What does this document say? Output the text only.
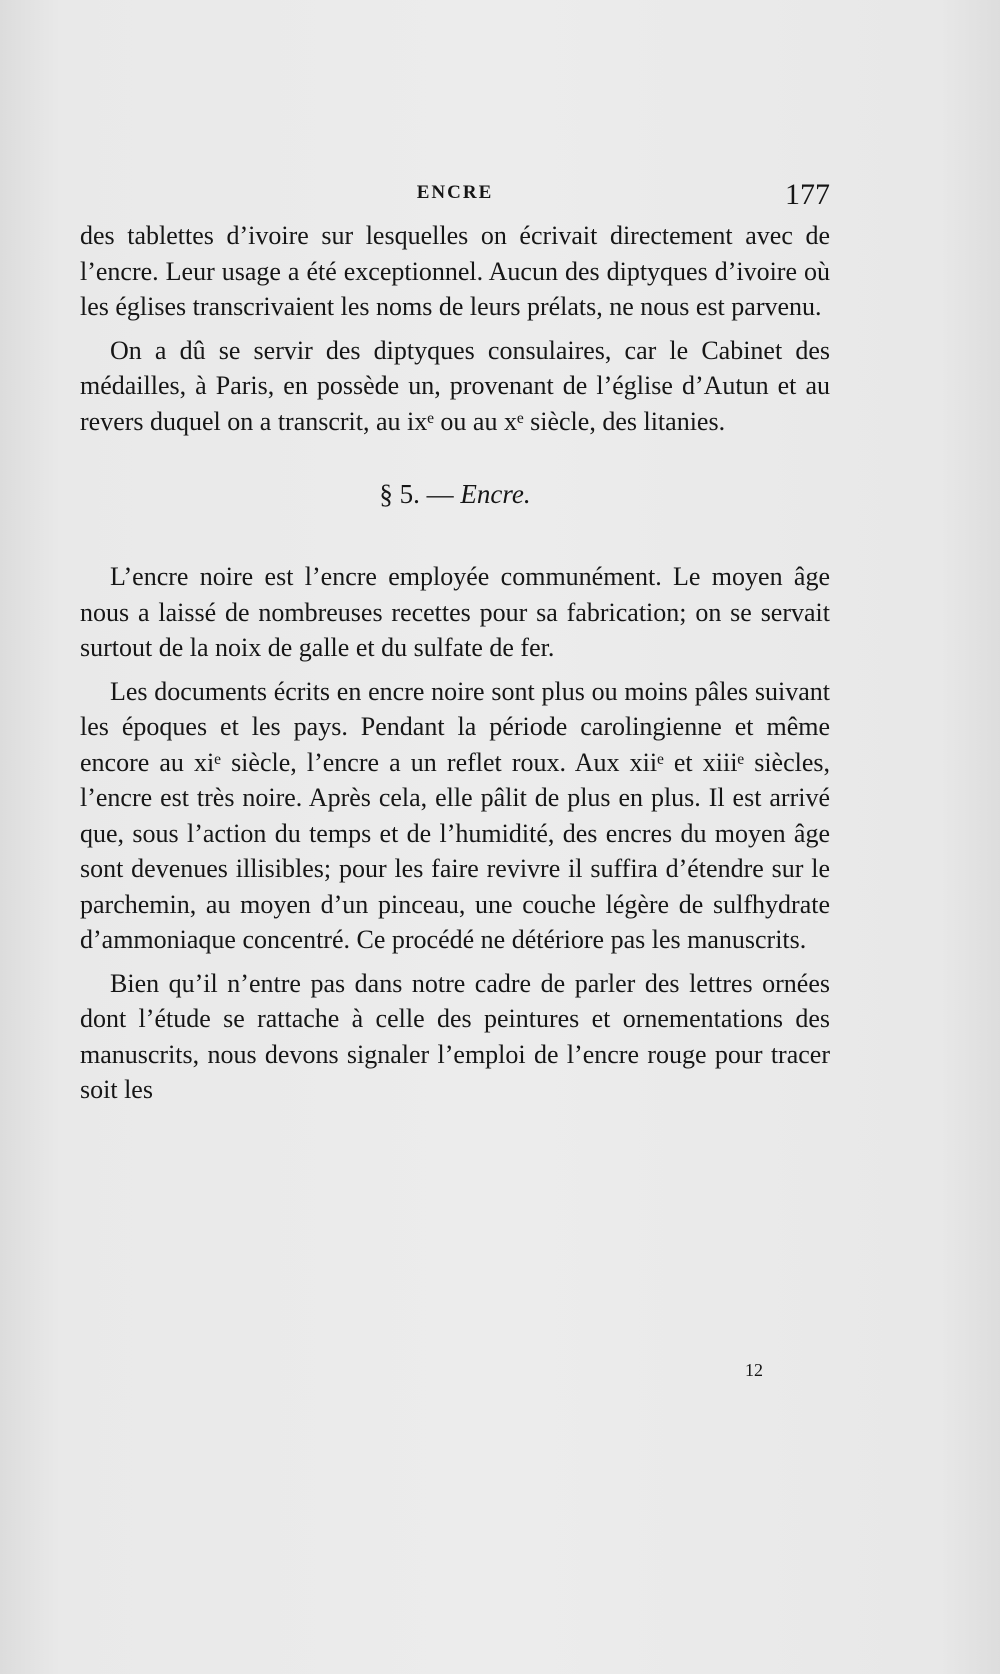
ENCRE	177

des tablettes d’ivoire sur lesquelles on écrivait directement avec de l’encre. Leur usage a été exceptionnel. Aucun des diptyques d’ivoire où les églises transcrivaient les noms de leurs prélats, ne nous est parvenu.

On a dû se servir des diptyques consulaires, car le Cabinet des médailles, à Paris, en possède un, provenant de l’église d’Autun et au revers duquel on a transcrit, au ixᵉ ou au xᵉ siècle, des litanies.

§ 5. — Encre.

L’encre noire est l’encre employée communément. Le moyen âge nous a laissé de nombreuses recettes pour sa fabrication; on se servait surtout de la noix de galle et du sulfate de fer.

Les documents écrits en encre noire sont plus ou moins pâles suivant les époques et les pays. Pendant la période carolingienne et même encore au xiᵉ siècle, l’encre a un reflet roux. Aux xiiᵉ et xiiiᵉ siècles, l’encre est très noire. Après cela, elle pâlit de plus en plus. Il est arrivé que, sous l’action du temps et de l’humidité, des encres du moyen âge sont devenues illisibles; pour les faire revivre il suffira d’étendre sur le parchemin, au moyen d’un pinceau, une couche légère de sulfhydrate d’ammoniaque concentré. Ce procédé ne détériore pas les manuscrits.

Bien qu’il n’entre pas dans notre cadre de parler des lettres ornées dont l’étude se rattache à celle des peintures et ornementations des manuscrits, nous devons signaler l’emploi de l’encre rouge pour tracer soit les

12
